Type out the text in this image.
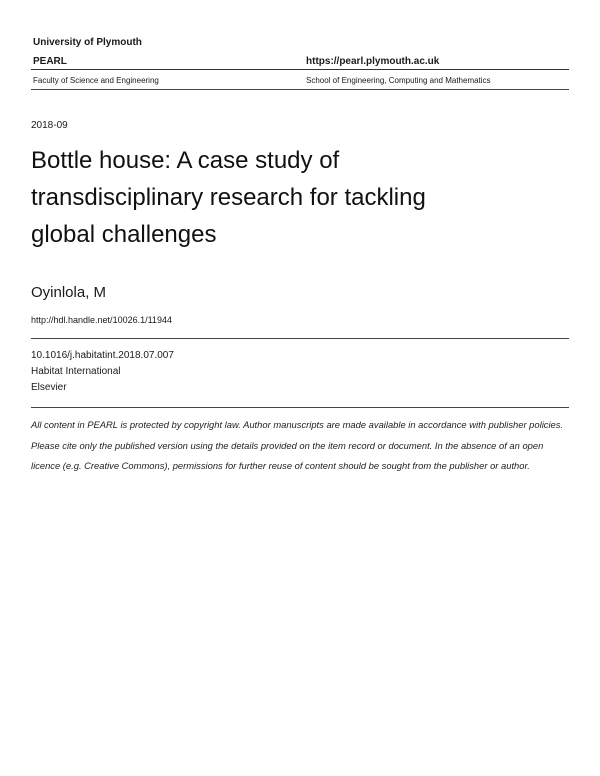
University of Plymouth
PEARL	https://pearl.plymouth.ac.uk
Faculty of Science and Engineering	School of Engineering, Computing and Mathematics
2018-09
Bottle house: A case study of
transdisciplinary research for tackling
global challenges
Oyinlola, M
http://hdl.handle.net/10026.1/11944
10.1016/j.habitatint.2018.07.007
Habitat International
Elsevier
All content in PEARL is protected by copyright law. Author manuscripts are made available in accordance with publisher policies. Please cite only the published version using the details provided on the item record or document. In the absence of an open licence (e.g. Creative Commons), permissions for further reuse of content should be sought from the publisher or author.
